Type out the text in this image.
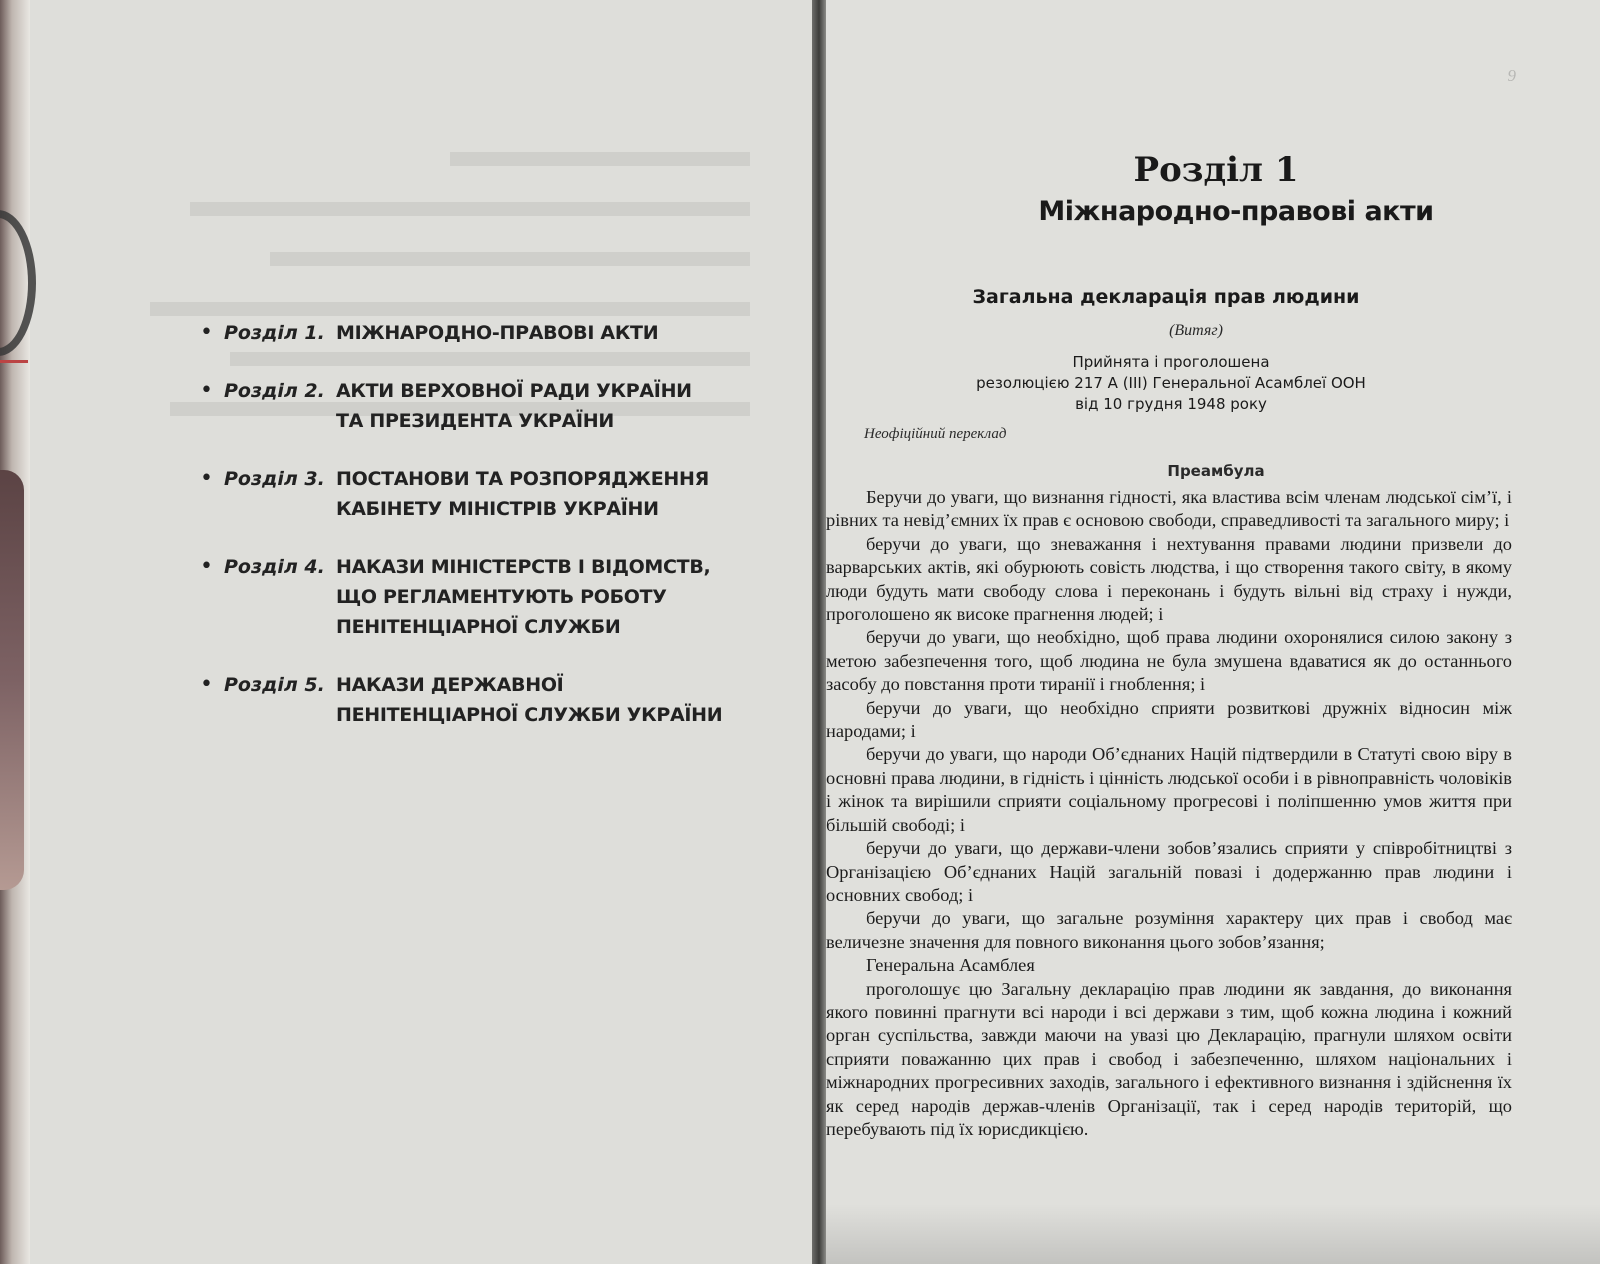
• Розділ 1. МІЖНАРОДНО-ПРАВОВІ АКТИ
• Розділ 2. АКТИ ВЕРХОВНОЇ РАДИ УКРАЇНИ
ТА ПРЕЗИДЕНТА УКРАЇНИ
• Розділ 3. ПОСТАНОВИ ТА РОЗПОРЯДЖЕННЯ
КАБІНЕТУ МІНІСТРІВ УКРАЇНИ
• Розділ 4. НАКАЗИ МІНІСТЕРСТВ І ВІДОМСТВ,
ЩО РЕГЛАМЕНТУЮТЬ РОБОТУ
ПЕНІТЕНЦІАРНОЇ СЛУЖБИ
• Розділ 5. НАКАЗИ ДЕРЖАВНОЇ
ПЕНІТЕНЦІАРНОЇ СЛУЖБИ УКРАЇНИ
9
Розділ 1
Міжнародно-правові акти
Загальна декларація прав людини
(Витяг)
Прийнята і проголошена
резолюцією 217 А (III) Генеральної Асамблеї ООН
від 10 грудня 1948 року
Неофіційний переклад
Преамбула

Беручи до уваги, що визнання гідності, яка властива всім членам людської сім’ї, і рівних та невід’ємних їх прав є основою свободи, справедливості та загального миру; і

беручи до уваги, що зневажання і нехтування правами людини призвели до варварських актів, які обурюють совість людства, і що створення такого світу, в якому люди будуть мати свободу слова і переконань і будуть вільні від страху і нужди, проголошено як високе прагнення людей; і

беручи до уваги, що необхідно, щоб права людини охоронялися силою закону з метою забезпечення того, щоб людина не була змушена вдаватися як до останнього засобу до повстання проти тиранії і гноблення; і

беручи до уваги, що необхідно сприяти розвиткові дружніх відносин між народами; і

беручи до уваги, що народи Об’єднаних Націй підтвердили в Статуті свою віру в основні права людини, в гідність і цінність людської особи і в рівноправність чоловіків і жінок та вирішили сприяти соціальному прогресові і поліпшенню умов життя при більшій свободі; і

беручи до уваги, що держави-члени зобов’язались сприяти у співробітництві з Організацією Об’єднаних Націй загальній повазі і додержанню прав людини і основних свобод; і

беручи до уваги, що загальне розуміння характеру цих прав і свобод має величезне значення для повного виконання цього зобов’язання;

Генеральна Асамблея

проголошує цю Загальну декларацію прав людини як завдання, до виконання якого повинні прагнути всі народи і всі держави з тим, щоб кожна людина і кожний орган суспільства, завжди маючи на увазі цю Декларацію, прагнули шляхом освіти сприяти поважанню цих прав і свобод і забезпеченню, шляхом національних і міжнародних прогресивних заходів, загального і ефективного визнання і здійснення їх як серед народів держав-членів Організації, так і серед народів територій, що перебувають під їх юрисдикцією.
